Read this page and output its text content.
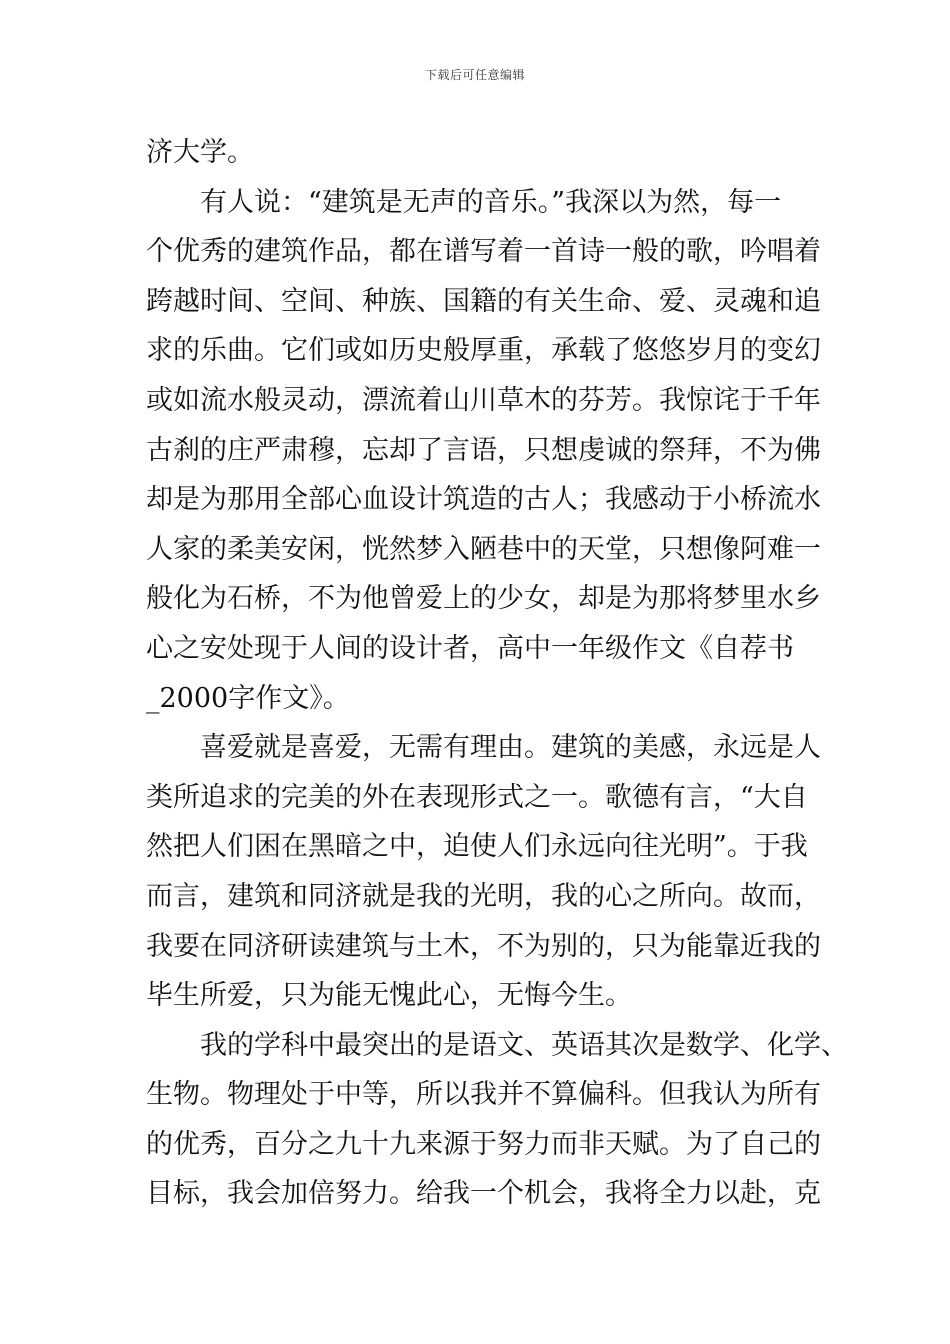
下载后可任意编辑
济大学。
有人说：“建筑是无声的音乐。”我深以为然，每一
个优秀的建筑作品，都在谱写着一首诗一般的歌，吟唱着
跨越时间、空间、种族、国籍的有关生命、爱、灵魂和追
求的乐曲。它们或如历史般厚重，承载了悠悠岁月的变幻
或如流水般灵动，漂流着山川草木的芬芳。我惊诧于千年
古刹的庄严肃穆，忘却了言语，只想虔诚的祭拜，不为佛
却是为那用全部心血设计筑造的古人；我感动于小桥流水
人家的柔美安闲，恍然梦入陋巷中的天堂，只想像阿难一
般化为石桥，不为他曾爱上的少女，却是为那将梦里水乡
心之安处现于人间的设计者，高中一年级作文《自荐书
_2000字作文》。
喜爱就是喜爱，无需有理由。建筑的美感，永远是人
类所追求的完美的外在表现形式之一。歌德有言，“大自
然把人们困在黑暗之中，迫使人们永远向往光明”。于我
而言，建筑和同济就是我的光明，我的心之所向。故而，
我要在同济研读建筑与土木，不为别的，只为能靠近我的
毕生所爱，只为能无愧此心，无悔今生。
我的学科中最突出的是语文、英语其次是数学、化学、
生物。物理处于中等，所以我并不算偏科。但我认为所有
的优秀，百分之九十九来源于努力而非天赋。为了自己的
目标，我会加倍努力。给我一个机会，我将全力以赴，克
